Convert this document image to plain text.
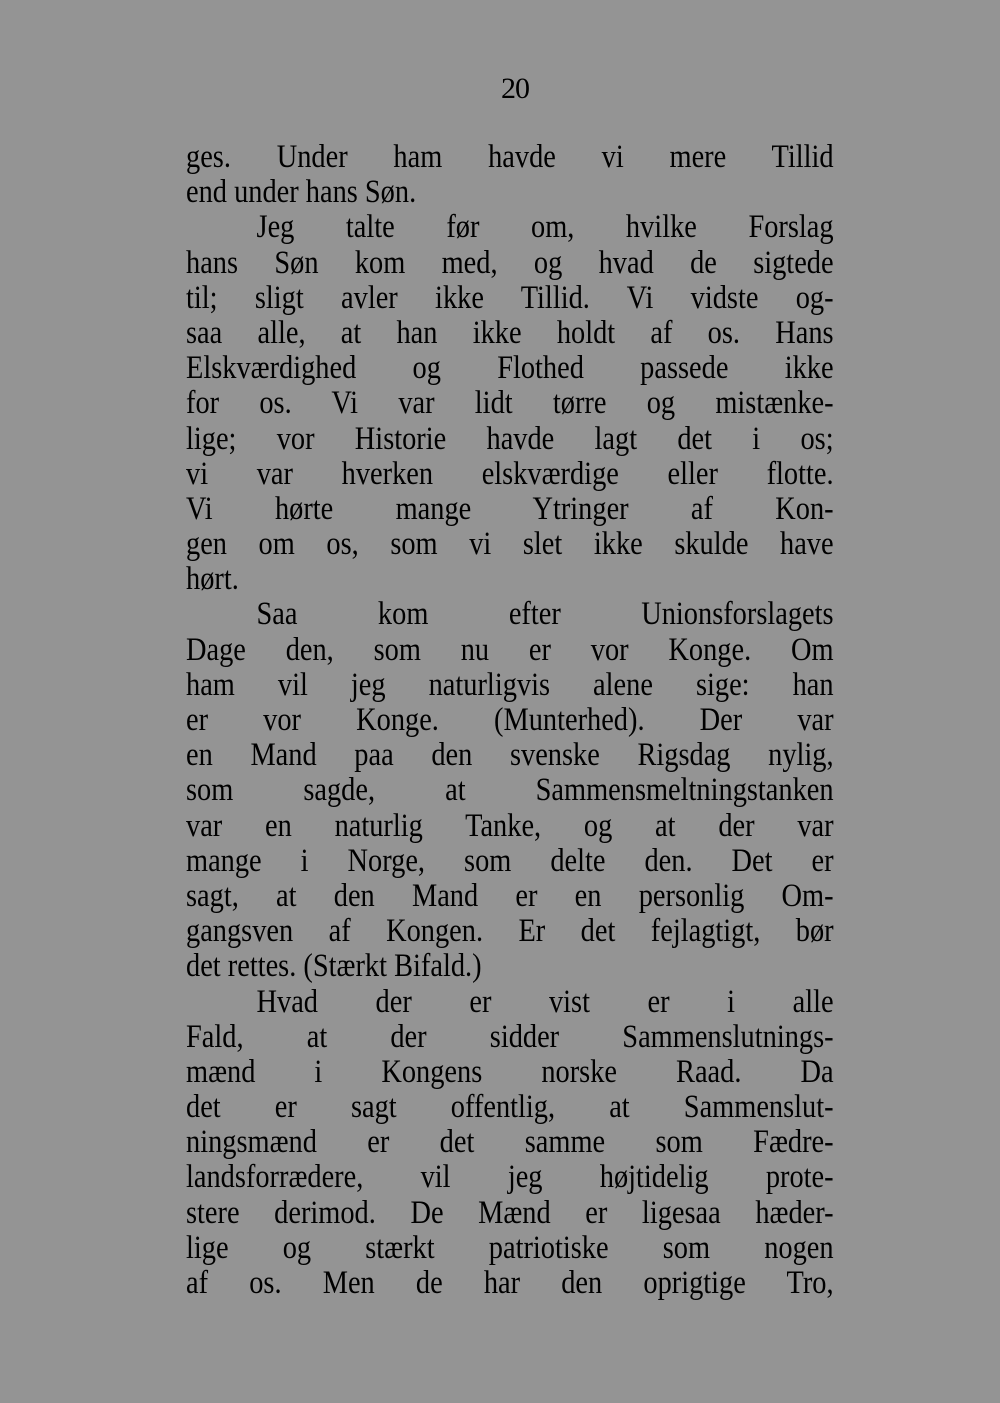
20
ges. Under ham havde vi mere Tillid
end under hans Søn.
Jeg talte før om, hvilke Forslag
hans Søn kom med, og hvad de sigtede
til; sligt avler ikke Tillid. Vi vidste og-
saa alle, at han ikke holdt af os. Hans
Elskværdighed og Flothed passede ikke
for os. Vi var lidt tørre og mistænke-
lige; vor Historie havde lagt det i os;
vi var hverken elskværdige eller flotte.
Vi hørte mange Ytringer af Kon-
gen om os, som vi slet ikke skulde have
hørt.
Saa kom efter Unionsforslagets
Dage den, som nu er vor Konge. Om
ham vil jeg naturligvis alene sige: han
er vor Konge. (Munterhed). Der var
en Mand paa den svenske Rigsdag nylig,
som sagde, at Sammensmeltningstanken
var en naturlig Tanke, og at der var
mange i Norge, som delte den. Det er
sagt, at den Mand er en personlig Om-
gangsven af Kongen. Er det fejlagtigt, bør
det rettes. (Stærkt Bifald.)
Hvad der er vist er i alle
Fald, at der sidder Sammenslutnings-
mænd i Kongens norske Raad. Da
det er sagt offentlig, at Sammenslut-
ningsmænd er det samme som Fædre-
landsforrædere, vil jeg højtidelig prote-
stere derimod. De Mænd er ligesaa hæder-
lige og stærkt patriotiske som nogen
af os. Men de har den oprigtige Tro,
